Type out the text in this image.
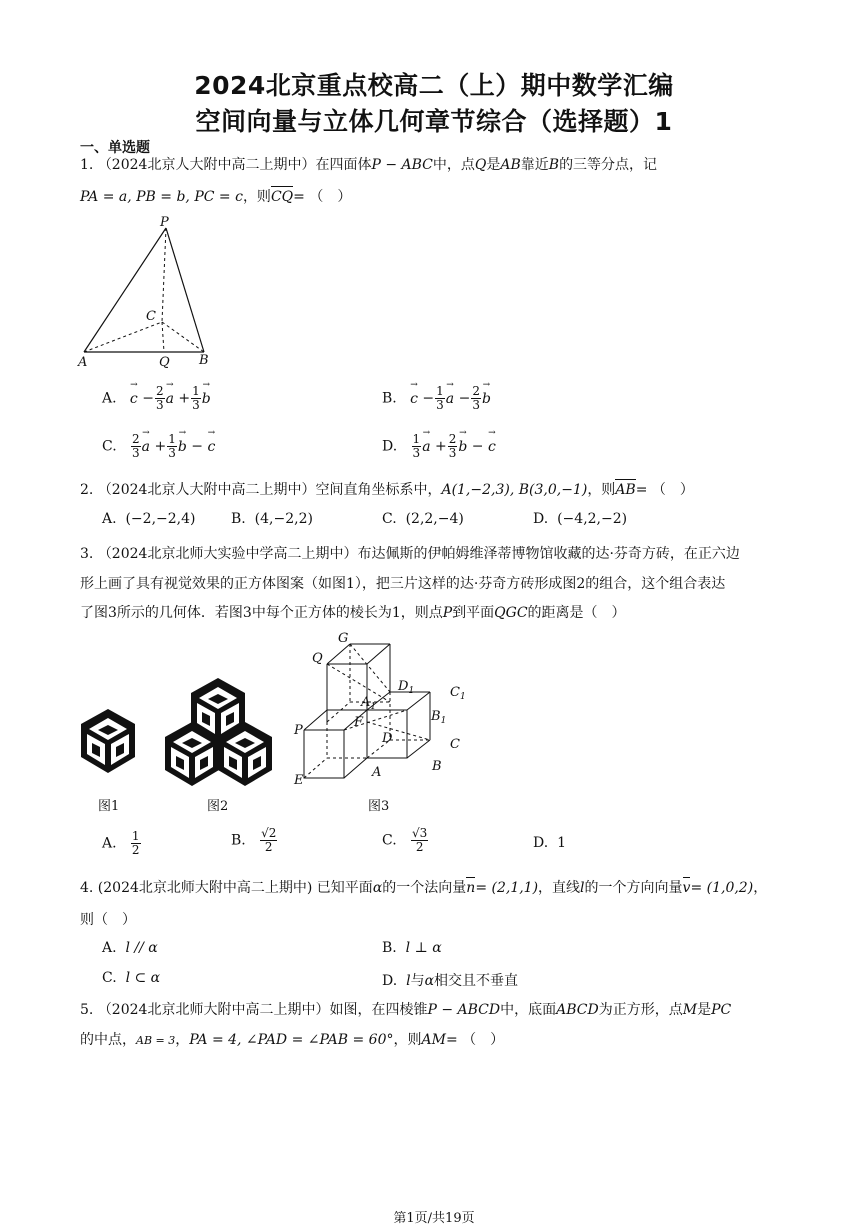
2024北京重点校高二（上）期中数学汇编
空间向量与立体几何章节综合（选择题）1
一、单选题
1. （2024北京人大附中高二上期中）在四面体P − ABC中，点Q是AB靠近B的三等分点，记
PA = a, PB = b, PC = c，则CQ= （　）
P
C
A	Q B
A. c → − $\frac{2}{3}$ a → + $\frac{1}{3}$ b →	B. c → − $\frac{1}{3}$ a → − $\frac{2}{3}$ b →
C. $\frac{2}{3}$ a → + $\frac{1}{3}$ b → − c →	D. $\frac{1}{3}$ a → + $\frac{2}{3}$ b → − c →
2. （2024北京人大附中高二上期中）空间直角坐标系中，A(1,−2,3), B(3,0,−1)，则AB= （　）
A. (−2,−2,4)	B. (4,−2,2)	C. (2,2,−4)	D. (−4,2,−2)
3. （2024北京北师大实验中学高二上期中）布达佩斯的伊帕姆维泽蒂博物馆收藏的达·芬奇方砖，在正六边
形上画了具有视觉效果的正方体图案（如图1），把三片这样的达·芬奇方砖形成图2的组合，这个组合表达
了图3所示的几何体．若图3中每个正方体的棱长为1，则点P到平面QGC的距离是（　）
G
Q
$D_1$	$C_1$
$A_1$
$B_1$
F
D
P
C
A	B
E
图1	图2	图3
A. $\frac{1}{2}$	B. $\frac{√2}{2}$	C. $\frac{√3}{2}$	D. 1
4. (2024北京北师大附中高二上期中) 已知平面α的一个法向量n= (2,1,1)，直线l的一个方向向量v= (1,0,2)，
则（　）
A. l // α	B. l ⊥ α
C. l ⊂ α	D. l与α相交且不垂直
5. （2024北京北师大附中高二上期中）如图，在四棱锥P − ABCD中，底面ABCD为正方形，点M是PC
的中点，AB = 3，PA = 4, ∠PAD = ∠PAB = 60°，则AM= （　）
第1页/共19页
